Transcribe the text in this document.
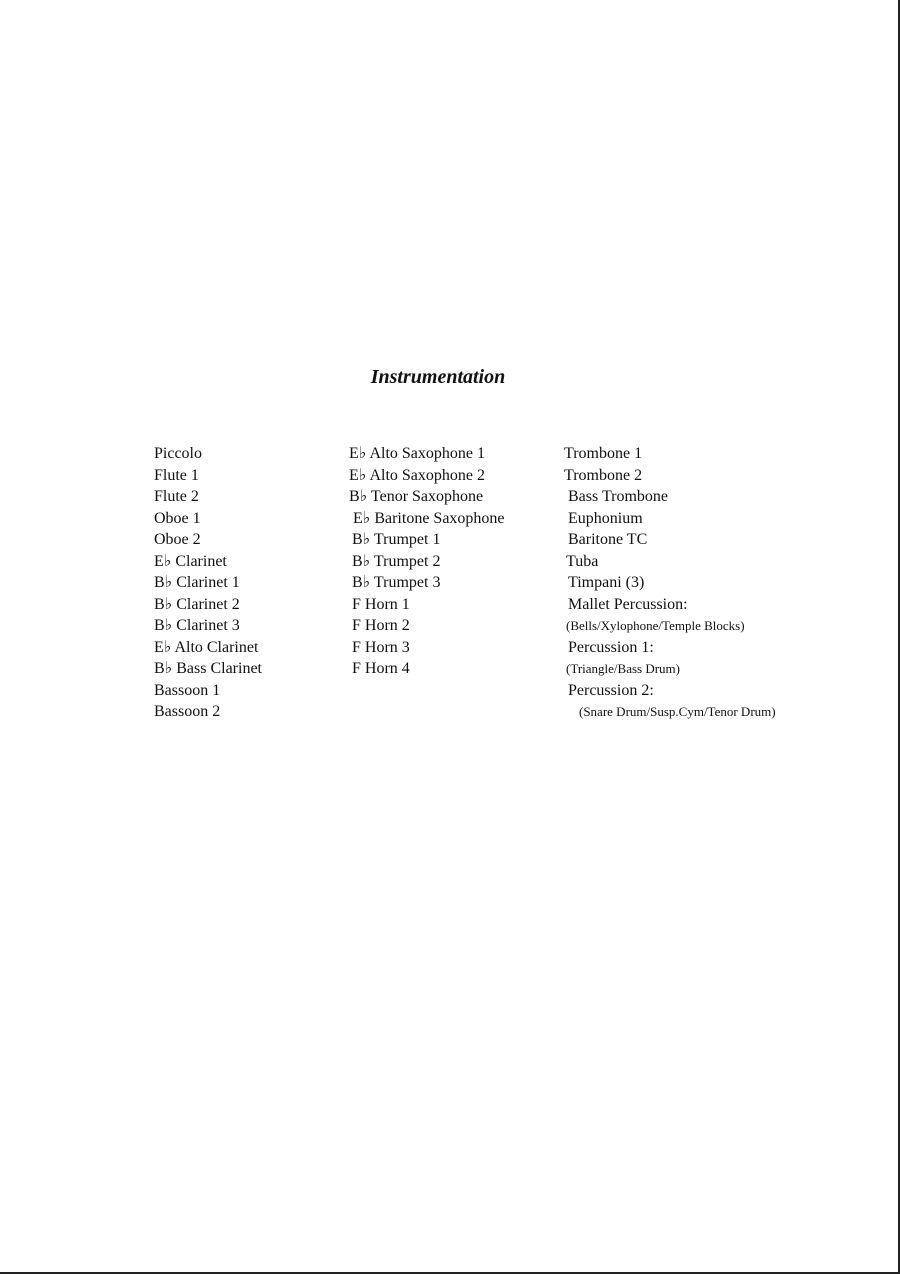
Instrumentation
Piccolo
Flute 1
Flute 2
Oboe 1
Oboe 2
E♭ Clarinet
B♭ Clarinet 1
B♭ Clarinet 2
B♭ Clarinet 3
E♭ Alto Clarinet
B♭ Bass Clarinet
Bassoon 1
Bassoon 2
E♭ Alto Saxophone 1
E♭ Alto Saxophone 2
B♭ Tenor Saxophone
E♭ Baritone Saxophone
B♭ Trumpet 1
B♭ Trumpet 2
B♭ Trumpet 3
F Horn 1
F Horn 2
F Horn 3
F Horn 4
Trombone 1
Trombone 2
Bass Trombone
Euphonium
Baritone TC
Tuba
Timpani (3)
Mallet Percussion:
(Bells/Xylophone/Temple Blocks)
Percussion 1:
(Triangle/Bass Drum)
Percussion 2:
(Snare Drum/Susp.Cym/Tenor Drum)
